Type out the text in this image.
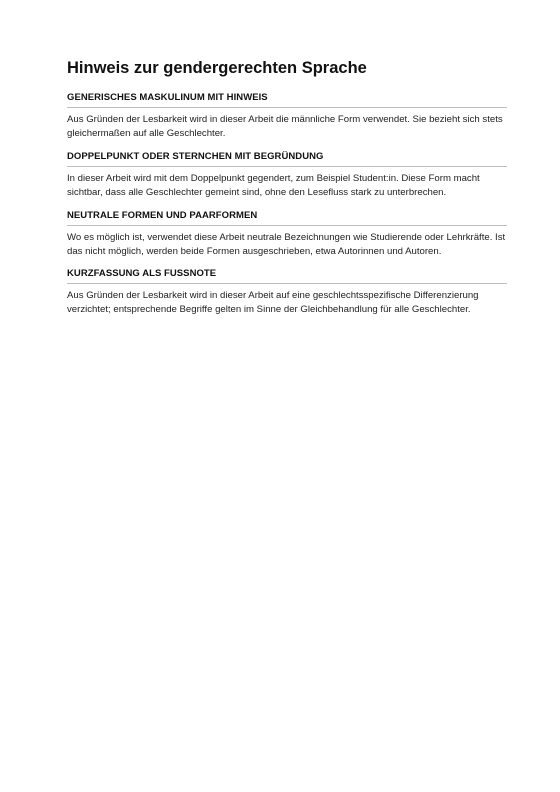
Hinweis zur gendergerechten Sprache
GENERISCHES MASKULINUM MIT HINWEIS

Aus Gründen der Lesbarkeit wird in dieser Arbeit die männliche Form verwendet. Sie bezieht sich stets gleichermaßen auf alle Geschlechter.

DOPPELPUNKT ODER STERNCHEN MIT BEGRÜNDUNG

In dieser Arbeit wird mit dem Doppelpunkt gegendert, zum Beispiel Student:in. Diese Form macht sichtbar, dass alle Geschlechter gemeint sind, ohne den Lesefluss stark zu unterbrechen.

NEUTRALE FORMEN UND PAARFORMEN

Wo es möglich ist, verwendet diese Arbeit neutrale Bezeichnungen wie Studierende oder Lehrkräfte. Ist das nicht möglich, werden beide Formen ausgeschrieben, etwa Autorinnen und Autoren.

KURZFASSUNG ALS FUSSNOTE

Aus Gründen der Lesbarkeit wird in dieser Arbeit auf eine geschlechtsspezifische Differenzierung verzichtet; entsprechende Begriffe gelten im Sinne der Gleichbehandlung für alle Geschlechter.
